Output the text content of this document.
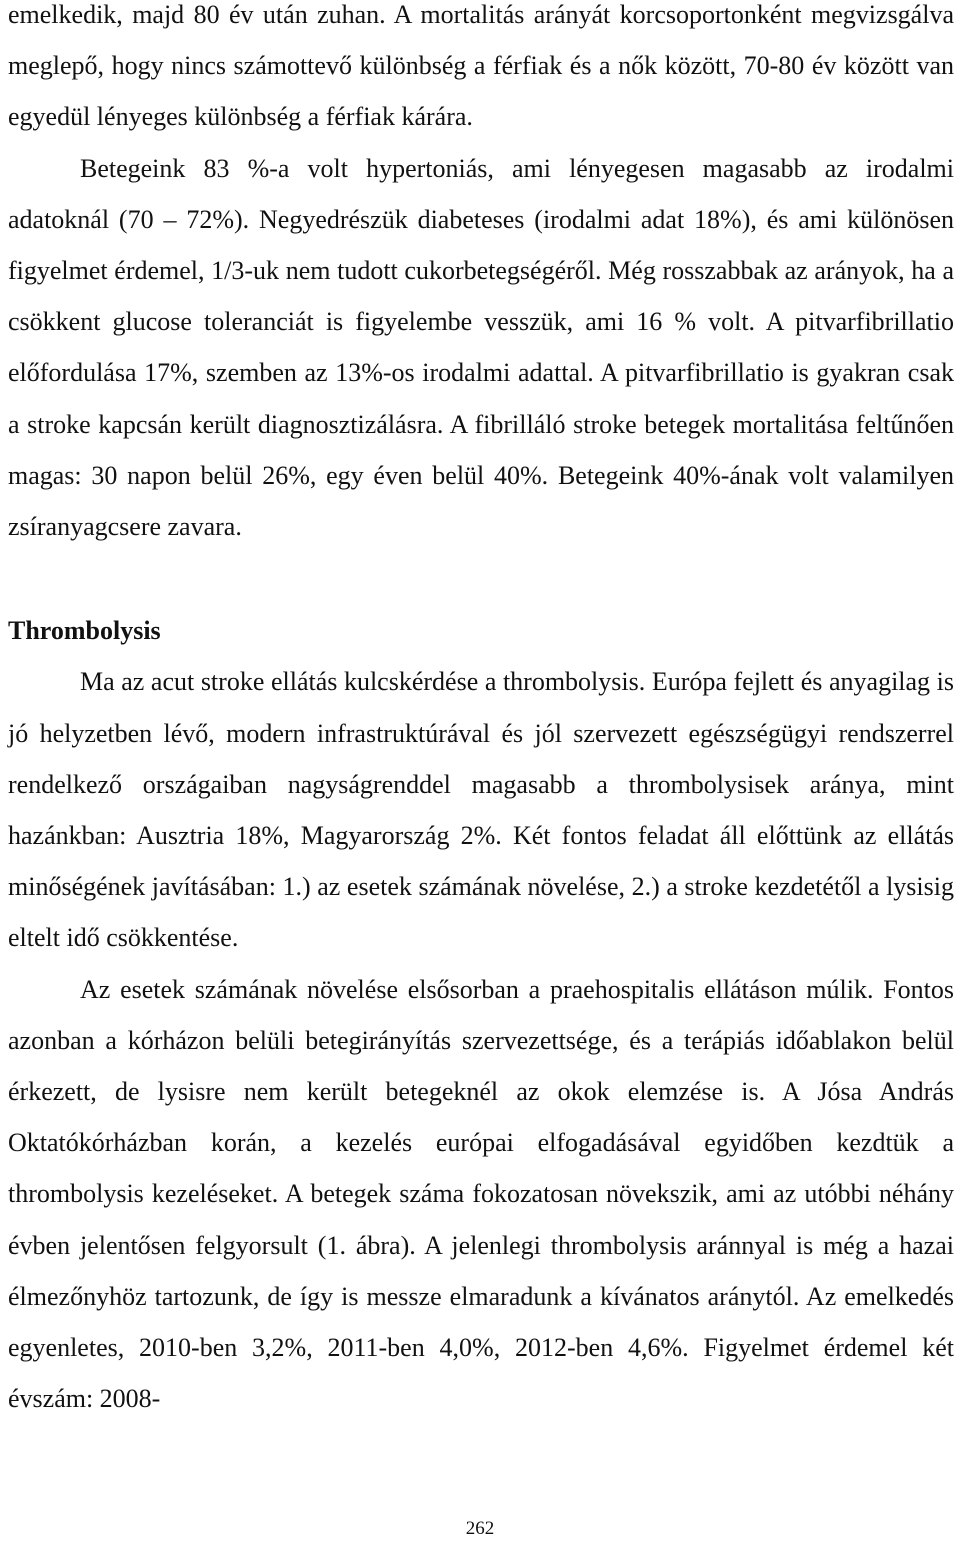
emelkedik, majd 80 év után zuhan. A mortalitás arányát korcsoportonként megvizsgálva meglepő, hogy nincs számottevő különbség a férfiak és a nők között, 70-80 év között van egyedül lényeges különbség a férfiak kárára.

Betegeink 83 %-a volt hypertoniás, ami lényegesen magasabb az irodalmi adatoknál (70 – 72%). Negyedrészük diabeteses (irodalmi adat 18%), és ami különösen figyelmet érdemel, 1/3-uk nem tudott cukorbetegségéről. Még rosszabbak az arányok, ha a csökkent glucose toleranciát is figyelembe vesszük, ami 16 % volt. A pitvarfibrillatio előfordulása 17%, szemben az 13%-os irodalmi adattal. A pitvarfibrillatio is gyakran csak a stroke kapcsán került diagnosztizálásra. A fibrilláló stroke betegek mortalitása feltűnően magas: 30 napon belül 26%, egy éven belül 40%. Betegeink 40%-ának volt valamilyen zsíranyagcsere zavara.

Thrombolysis

Ma az acut stroke ellátás kulcskérdése a thrombolysis. Európa fejlett és anyagilag is jó helyzetben lévő, modern infrastruktúrával és jól szervezett egészségügyi rendszerrel rendelkező országaiban nagyságrenddel magasabb a thrombolysisek aránya, mint hazánkban: Ausztria 18%, Magyarország 2%. Két fontos feladat áll előttünk az ellátás minőségének javításában: 1.) az esetek számának növelése, 2.) a stroke kezdetétől a lysisig eltelt idő csökkentése.

Az esetek számának növelése elsősorban a praehospitalis ellátáson múlik. Fontos azonban a kórházon belüli betegirányítás szervezettsége, és a terápiás időablakon belül érkezett, de lysisre nem került betegeknél az okok elemzése is. A Jósa András Oktatókórházban korán, a kezelés európai elfogadásával egyidőben kezdtük a thrombolysis kezeléseket. A betegek száma fokozatosan növekszik, ami az utóbbi néhány évben jelentősen felgyorsult (1. ábra). A jelenlegi thrombolysis aránnyal is még a hazai élmezőnyhöz tartozunk, de így is messze elmaradunk a kívánatos aránytól. Az emelkedés egyenletes, 2010-ben 3,2%, 2011-ben 4,0%, 2012-ben 4,6%. Figyelmet érdemel két évszám: 2008-

262
